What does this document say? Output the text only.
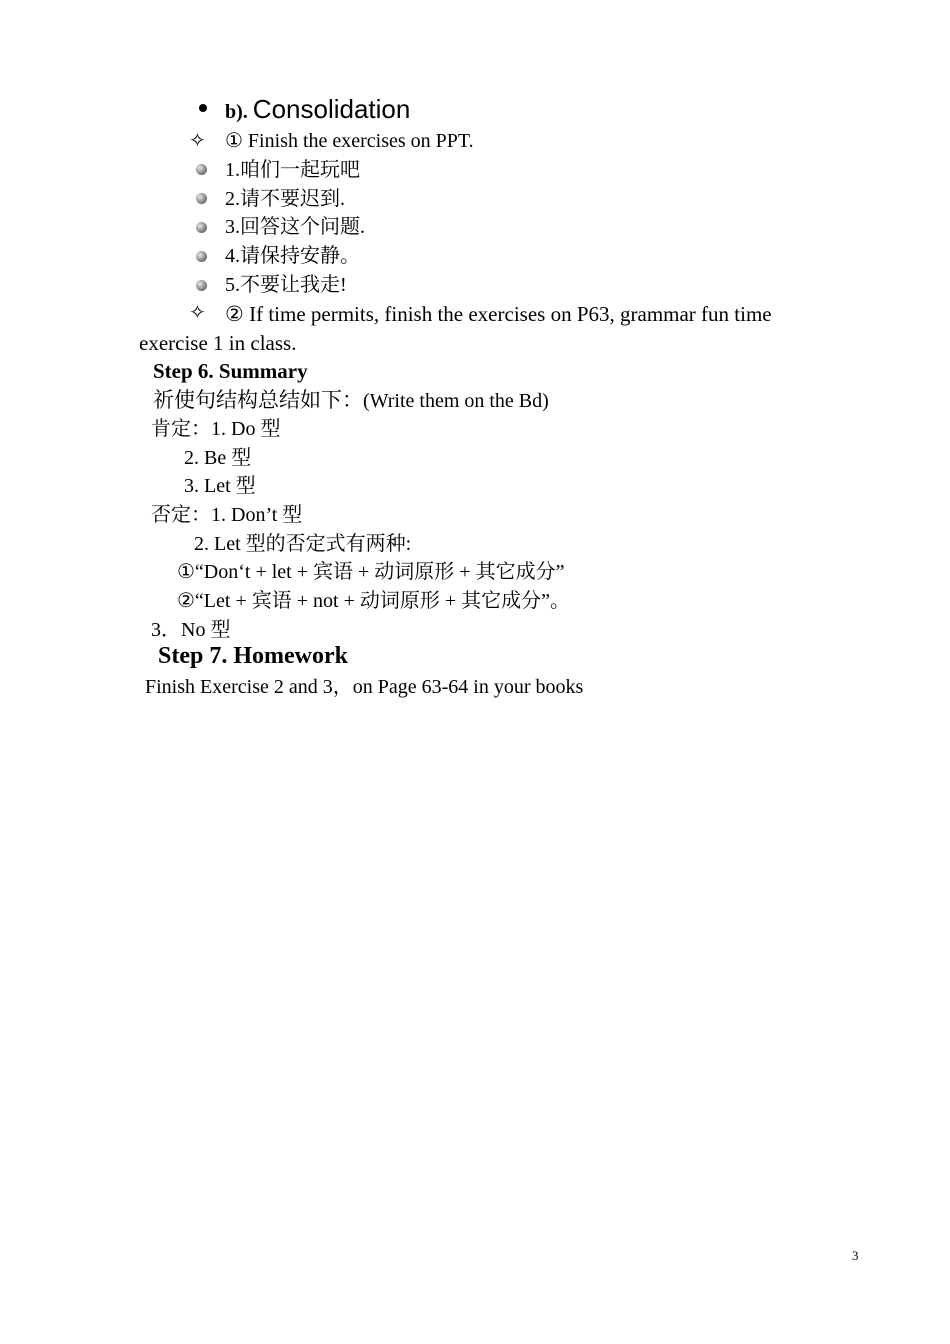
b). Consolidation
✧ ① Finish the exercises on PPT.
1.咱们一起玩吧
2.请不要迟到.
3.回答这个问题.
4.请保持安静。
5.不要让我走!
✧ ② If time permits, finish the exercises on P63, grammar fun time
exercise 1 in class.
Step 6. Summary
祈使句结构总结如下：(Write them on the Bd)
肯定：1. Do 型
2. Be 型
3. Let 型
否定：1. Don’t 型
2. Let 型的否定式有两种:
①“Don‘t + let + 宾语 + 动词原形 + 其它成分”
②“Let + 宾语 + not + 动词原形 + 其它成分”。
3．No 型
Step 7. Homework
Finish Exercise 2 and 3，on Page 63-64 in your books
3
